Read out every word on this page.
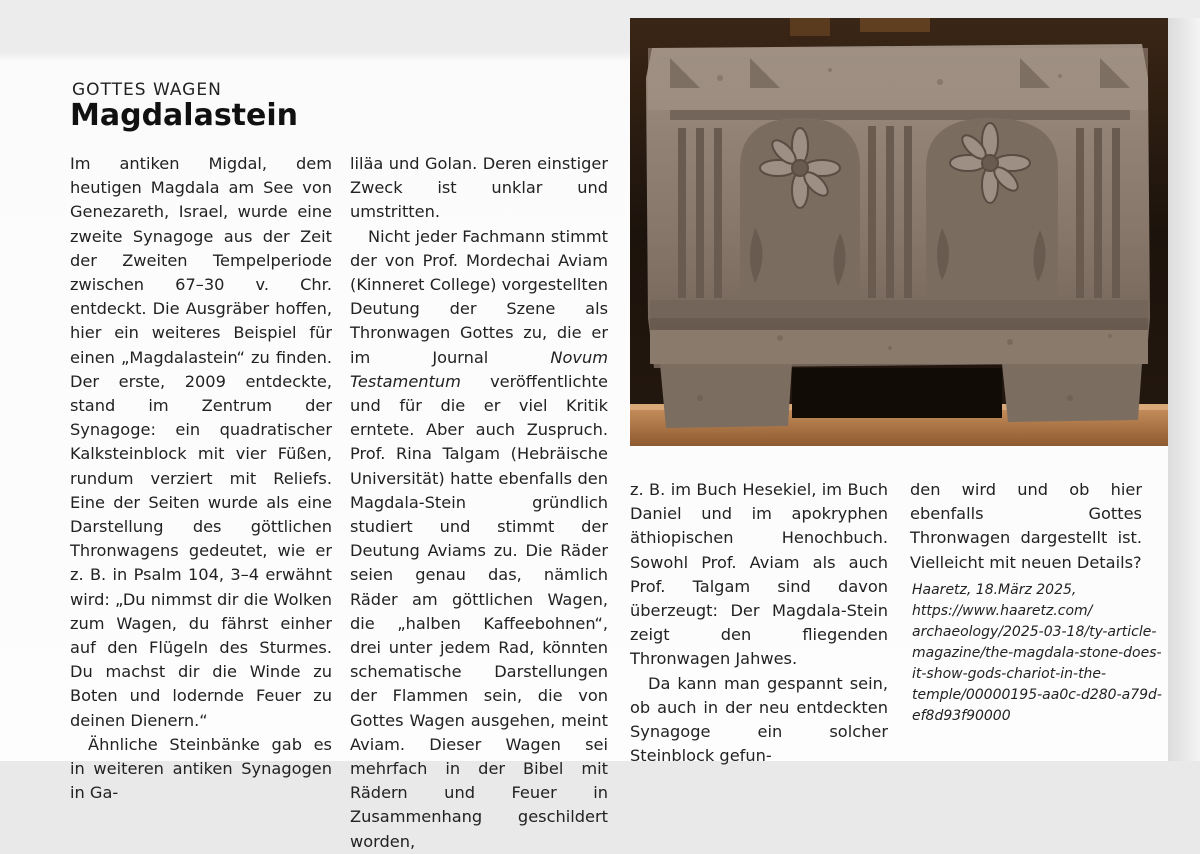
GOTTES WAGEN
Magdalastein

Im antiken Migdal, dem heutigen Magdala am See von Genezareth, Israel, wurde eine zweite Synagoge aus der Zeit der Zweiten Tempelperiode zwischen 67–30 v. Chr. entdeckt. Die Ausgräber hoffen, hier ein weiteres Beispiel für einen „Magdalastein“ zu finden. Der erste, 2009 entdeckte, stand im Zentrum der Synagoge: ein quadratischer Kalksteinblock mit vier Füßen, rundum verziert mit Reliefs. Eine der Seiten wurde als eine Darstellung des göttlichen Thronwagens gedeutet, wie er z. B. in Psalm 104, 3–4 erwähnt wird: „Du nimmst dir die Wolken zum Wagen, du fährst einher auf den Flügeln des Sturmes. Du machst dir die Winde zu Boten und lodernde Feuer zu deinen Dienern.“

Ähnliche Steinbänke gab es in weiteren antiken Synagogen in Ga-

liläa und Golan. Deren einstiger Zweck ist unklar und umstritten.

Nicht jeder Fachmann stimmt der von Prof. Mordechai Aviam (Kinneret College) vorgestellten Deutung der Szene als Thronwagen Gottes zu, die er im Journal Novum Testamentum veröffentlichte und für die er viel Kritik erntete. Aber auch Zuspruch. Prof. Rina Talgam (Hebräische Universität) hatte ebenfalls den Magdala-Stein gründlich studiert und stimmt der Deutung Aviams zu. Die Räder seien genau das, nämlich Räder am göttlichen Wagen, die „halben Kaffeebohnen“, drei unter jedem Rad, könnten schematische Darstellungen der Flammen sein, die von Gottes Wagen ausgehen, meint Aviam. Dieser Wagen sei mehrfach in der Bibel mit Rädern und Feuer in Zusammenhang geschildert worden,

z. B. im Buch Hesekiel, im Buch Daniel und im apokryphen äthiopischen Henochbuch. Sowohl Prof. Aviam als auch Prof. Talgam sind davon überzeugt: Der Magdala-Stein zeigt den fliegenden Thronwagen Jahwes.

Da kann man gespannt sein, ob auch in der neu entdeckten Synagoge ein solcher Steinblock gefun-

den wird und ob hier ebenfalls Gottes Thronwagen dargestellt ist. Vielleicht mit neuen Details?

Haaretz, 18.März 2025,
https://www.haaretz.com/
archaeology/2025-03-18/ty-article-
magazine/the-magdala-stone-does-
it-show-gods-chariot-in-the-
temple/00000195-aa0c-d280-a79d-
ef8d93f90000
